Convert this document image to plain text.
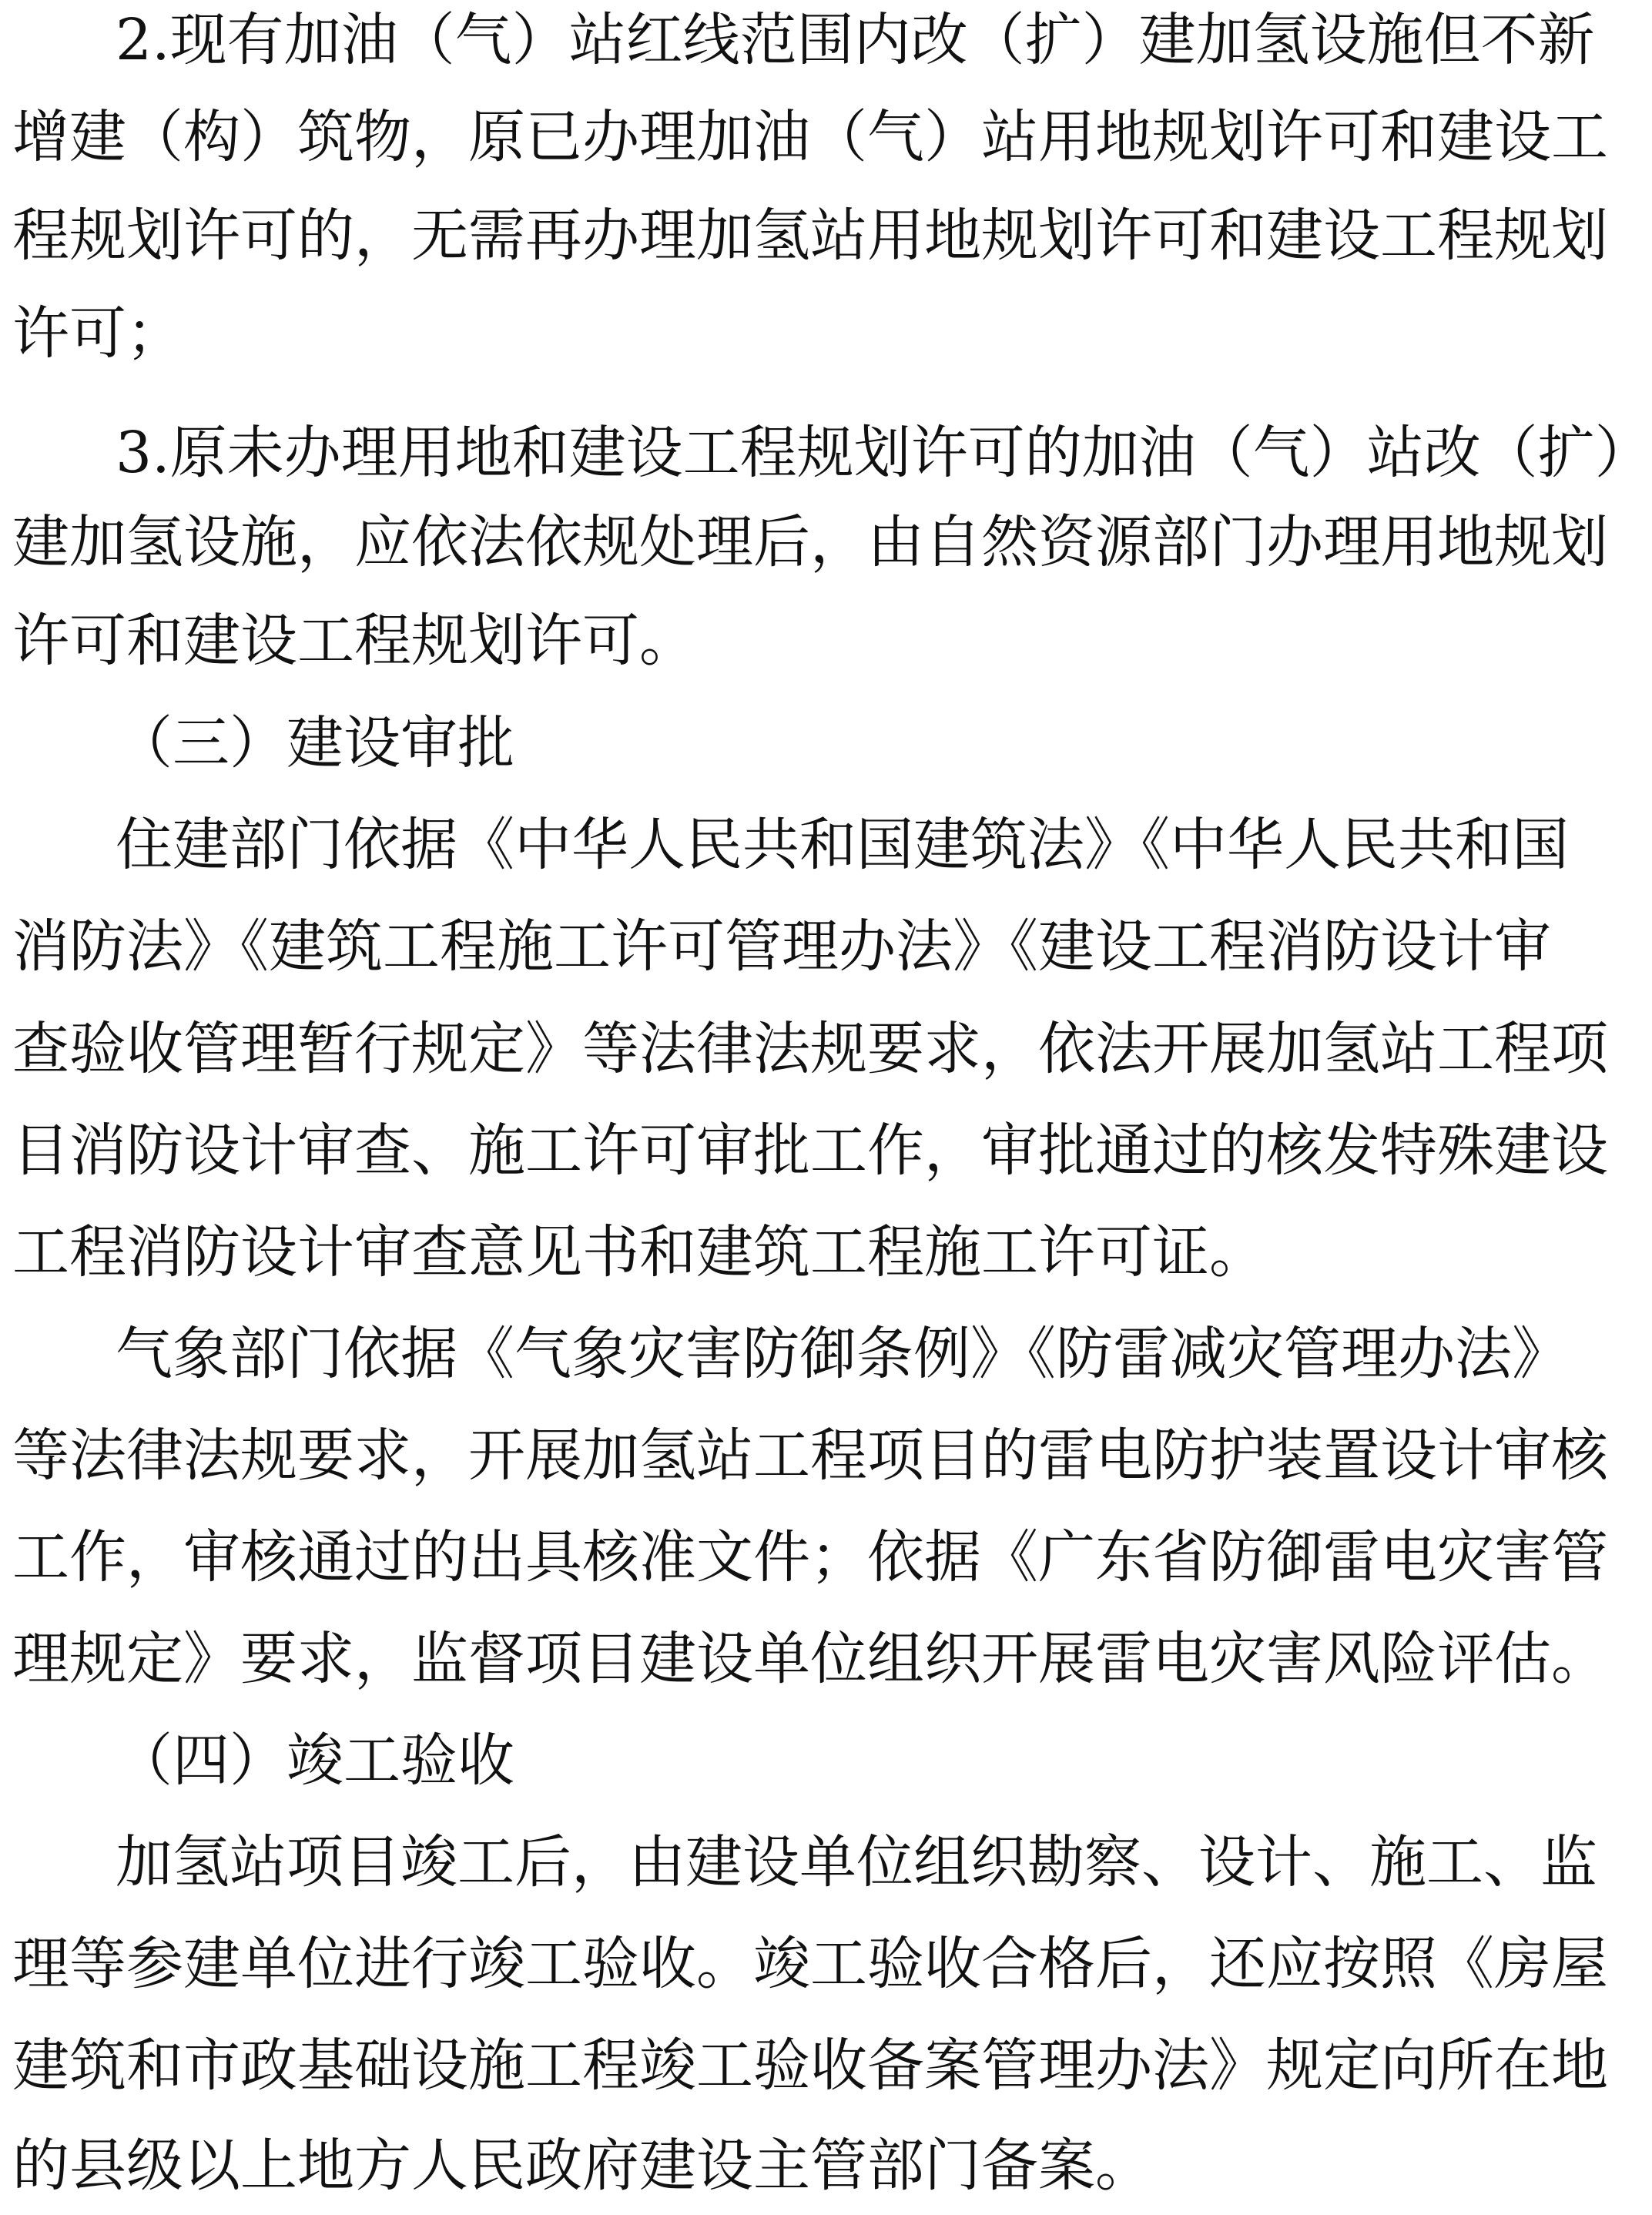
2.现有加油（气）站红线范围内改（扩）建加氢设施但不新
增建（构）筑物，原已办理加油（气）站用地规划许可和建设工
程规划许可的，无需再办理加氢站用地规划许可和建设工程规划
许可；
3.原未办理用地和建设工程规划许可的加油（气）站改（扩）
建加氢设施，应依法依规处理后，由自然资源部门办理用地规划
许可和建设工程规划许可。
（三）建设审批
住建部门依据《中华人民共和国建筑法》《中华人民共和国
消防法》《建筑工程施工许可管理办法》《建设工程消防设计审
查验收管理暂行规定》等法律法规要求，依法开展加氢站工程项
目消防设计审查、施工许可审批工作，审批通过的核发特殊建设
工程消防设计审查意见书和建筑工程施工许可证。
气象部门依据《气象灾害防御条例》《防雷减灾管理办法》
等法律法规要求，开展加氢站工程项目的雷电防护装置设计审核
工作，审核通过的出具核准文件；依据《广东省防御雷电灾害管
理规定》要求，监督项目建设单位组织开展雷电灾害风险评估。
（四）竣工验收
加氢站项目竣工后，由建设单位组织勘察、设计、施工、监
理等参建单位进行竣工验收。竣工验收合格后，还应按照《房屋
建筑和市政基础设施工程竣工验收备案管理办法》规定向所在地
的县级以上地方人民政府建设主管部门备案。
